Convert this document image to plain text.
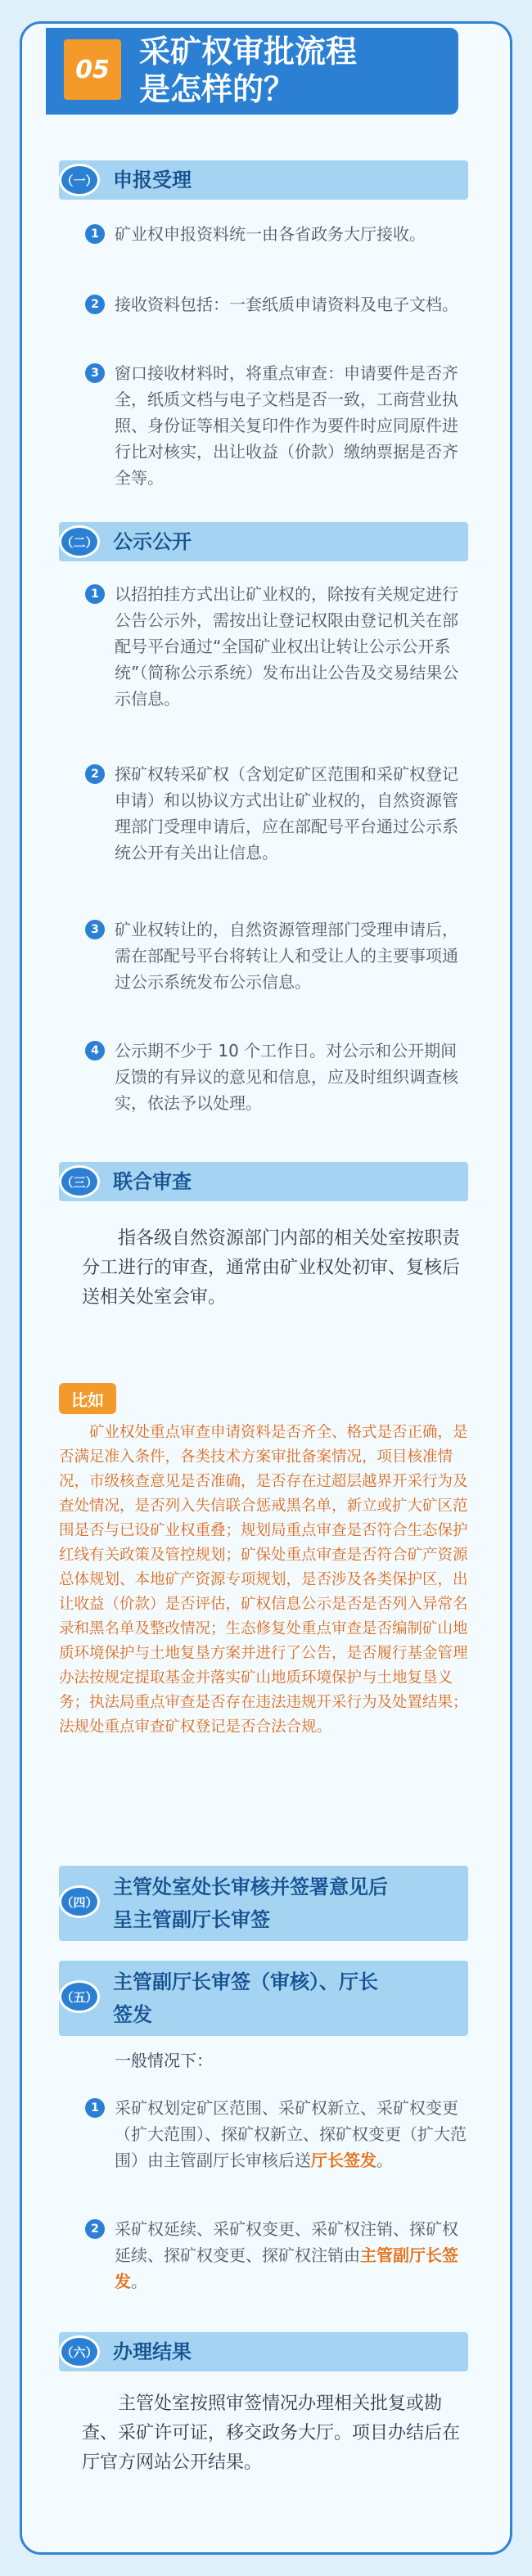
05 采矿权审批流程
是怎样的？
（一） 申报受理
1 矿业权申报资料统一由各省政务大厅接收。
2 接收资料包括：一套纸质申请资料及电子文档。
3 窗口接收材料时，将重点审查：申请要件是否齐全，纸质文档与电子文档是否一致，工商营业执照、身份证等相关复印件作为要件时应同原件进行比对核实，出让收益（价款）缴纳票据是否齐全等。
（二） 公示公开
1 以招拍挂方式出让矿业权的，除按有关规定进行公告公示外，需按出让登记权限由登记机关在部配号平台通过“全国矿业权出让转让公示公开系统”（简称公示系统）发布出让公告及交易结果公示信息。
2 探矿权转采矿权（含划定矿区范围和采矿权登记申请）和以协议方式出让矿业权的，自然资源管理部门受理申请后，应在部配号平台通过公示系统公开有关出让信息。
3 矿业权转让的，自然资源管理部门受理申请后，需在部配号平台将转让人和受让人的主要事项通过公示系统发布公示信息。
4 公示期不少于 10 个工作日。对公示和公开期间反馈的有异议的意见和信息，应及时组织调查核实，依法予以处理。
（三） 联合审查
指各级自然资源部门内部的相关处室按职责分工进行的审查，通常由矿业权处初审、复核后送相关处室会审。
比如
矿业权处重点审查申请资料是否齐全、格式是否正确，是否满足准入条件，各类技术方案审批备案情况，项目核准情况，市级核查意见是否准确，是否存在过超层越界开采行为及查处情况，是否列入失信联合惩戒黑名单，新立或扩大矿区范围是否与已设矿业权重叠；规划局重点审查是否符合生态保护红线有关政策及管控规划；矿保处重点审查是否符合矿产资源总体规划、本地矿产资源专项规划，是否涉及各类保护区，出让收益（价款）是否评估，矿权信息公示是否是否列入异常名录和黑名单及整改情况；生态修复处重点审查是否编制矿山地质环境保护与土地复垦方案并进行了公告，是否履行基金管理办法按规定提取基金并落实矿山地质环境保护与土地复垦义务；执法局重点审查是否存在违法违规开采行为及处置结果；法规处重点审查矿权登记是否合法合规。
（四）
主管处室处长审核并签署意见后
呈主管副厅长审签
（五）
主管副厅长审签（审核）、厅长
签发
一般情况下：
1 采矿权划定矿区范围、采矿权新立、采矿权变更（扩大范围）、探矿权新立、探矿权变更（扩大范围）由主管副厅长审核后送厅长签发。
2 采矿权延续、采矿权变更、采矿权注销、探矿权延续、探矿权变更、探矿权注销由主管副厅长签发。
（六） 办理结果
主管处室按照审签情况办理相关批复或勘查、采矿许可证，移交政务大厅。项目办结后在厅官方网站公开结果。
